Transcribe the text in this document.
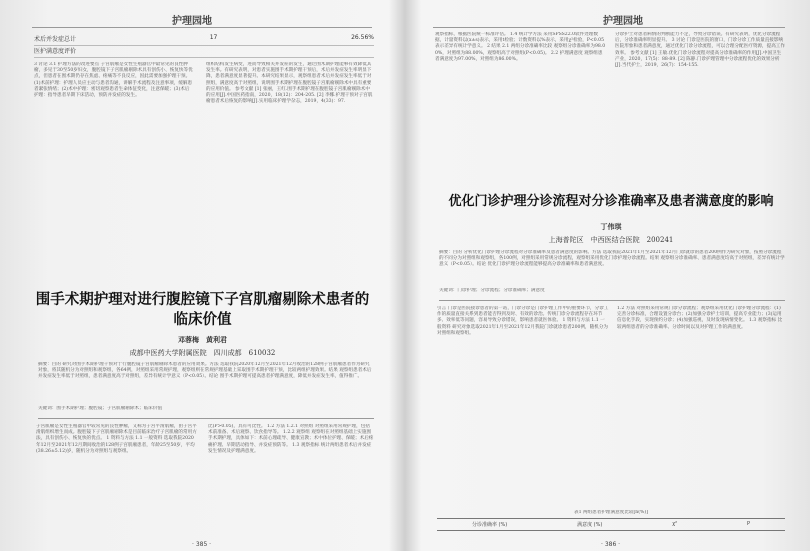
护理园地
术后并发症总计	17	26.56%
医护满意度评价
3 讨论 3.1 护理方法的改进要点 子宫肌瘤是女性生殖器官中最常见的良性肿瘤，多见于30至50岁妇女，腹腔镜下子宫肌瘤剔除术具有创伤小、恢复快等优点，但患者在围术期仍存在焦虑、疼痛等不良反应，因此需要加强护理干预。(1)术前护理：护理人员应主动与患者沟通，讲解手术流程及注意事项，缓解患者紧张情绪；(2)术中护理：密切观察患者生命体征变化，注意保暖；(3)术后护理：指导患者早期下床活动，预防并发症的发生。
组织结构发生病变，进而导致相关并发症的发生，通过围术期护理能够有效降低其发生率。有研究表明，对患者实施围手术期护理干预后，术后并发症发生率明显下降，患者满意度显著提升。本研究结果显示，观察组患者术后并发症发生率低于对照组，满意度高于对照组，说明围手术期护理在腹腔镜子宫肌瘤剔除术中具有重要的应用价值。 参考文献 [1] 张丽，王红.围手术期护理在腹腔镜子宫肌瘤剔除术中的应用[J].中国医药指南，2020，18(12)：204-205. [2] 李娜.护理干预对子宫肌瘤患者术后恢复的影响[J].实用临床护理学杂志，2019，4(33)：97.
围手术期护理对进行腹腔镜下子宫肌瘤剔除术患者的临床价值
邓蓉梅　黄利君
成都中医药大学附属医院　四川成都　610032
摘要：目的 研究对围手术期护理干预对于行腹腔镜子宫肌瘤剔除术患者的应用效果。方法 选取我院2020年12月至2021年12月收治的128例子宫肌瘤患者作为研究对象，将其随机分为对照组和观察组，各64例，对照组采用常规护理，观察组则在常规护理基础上采取围手术期护理干预，比较两组护理效果。结果 观察组患者术后并发症发生率低于对照组，患者满意度高于对照组，差异有统计学意义（P<0.05）。结论 围手术期护理可提高患者护理满意度，降低并发症发生率，值得推广。
关键词：围手术期护理；腹腔镜；子宫肌瘤剔除术；临床价值
子宫肌瘤是女性生殖器官中较常见的良性肿瘤，又称为子宫平滑肌瘤，由子宫平滑肌组织增生而成。腹腔镜下子宫肌瘤剔除术是目前临床治疗子宫肌瘤的常用方法，具有创伤小、恢复快的优点。 1 资料与方法 1.1 一般资料 选取我院2020年12月至2021年12月期间收治的128例子宫肌瘤患者，年龄25至50岁，平均(38.26±5.12)岁，随机分为对照组与观察组。
比(P>0.05)，具有可比性。 1.2 方法 1.2.1 对照组 对照组采用常规护理，包括术前准备、术后观察、饮食指导等。 1.2.2 观察组 观察组在对照组基础上实施围手术期护理，具体如下：术前心理疏导、健康宣教；术中体位护理、保暖；术后疼痛护理、早期活动指导、并发症预防等。 1.3 观察指标 统计两组患者术后并发症发生情况及护理满意度。
· 385 ·
护理园地
观察指标，根据医院统一标准评估。 1.4 统计学方法 采用SPSS22.0软件处理数据，计量资料以(x±s)表示，采用t检验；计数资料以%表示，采用χ²检验，P<0.05表示差异有统计学意义。 2 结果 2.1 两组分诊准确率比较 观察组分诊准确率为98.00%，对照组为88.00%，观察组高于对照组(P<0.05)。 2.2 护理满意度 观察组患者满意度为97.00%，对照组为86.00%。
分诊护士对患者病情的判断能力不足，导致分诊错误。有研究表明，优化分诊流程后，分诊准确率明显提升。 3 讨论 门诊是医院的窗口，门诊分诊工作质量直接影响医院形象和患者满意度，通过优化门诊分诊流程，可以合理分配医疗资源，提高工作效率。 参考文献 [1] 王敏.优化门诊分诊流程对提高分诊准确率的作用[J].中国卫生产业，2020，17(5)：88-89. [2] 陈静.门诊护理管理中分诊流程优化的效果分析[J].当代护士，2019，26(7)：154-155.
优化门诊护理分诊流程对分诊准确率及患者满意度的影响
丁伟琪
上海普陀区　中西医结合医院　200241
摘要：目的 分析优化门诊护理分诊流程对分诊准确率及患者满意度的影响。方法 选取我院2021年1月至2021年12月门诊就诊的患者200例作为研究对象，按照分诊流程的不同分为对照组和观察组，各100例，对照组采用常规分诊流程，观察组采用优化门诊护理分诊流程。结果 观察组分诊准确率、患者满意度均高于对照组，差异有统计学意义（P<0.05）。结论 优化门诊护理分诊流程能够提高分诊准确率和患者满意度。
关键词：门诊护理；分诊流程；分诊准确率；满意度
引言 门诊是医院接诊患者的第一站，门诊分诊是门诊护理工作中的重要环节，分诊工作的质量直接关系到患者能否得到及时、有效的诊治。传统门诊分诊流程存在环节多、效率低等问题，容易导致分诊错误，影响患者就医体验。 1 资料与方法 1.1 一般资料 研究对象选取2021年1月至2021年12月我院门诊就诊患者200例，随机分为对照组和观察组。
1.2 方法 对照组采用常规门诊分诊流程；观察组采用优化门诊护理分诊流程：(1)完善分诊标准，合理设置分诊台；(2)加强分诊护士培训，提高专业能力；(3)运用信息化手段，实现预约分诊；(4)加强巡视，及时发现病情变化。 1.3 观察指标 比较两组患者的分诊准确率、分诊时间以及对护理工作的满意度。
表1 两组患者护理满意度比较[n(%)]
分诊准确率 (%)	满意度 (%)	χ²	P
· 386 ·
